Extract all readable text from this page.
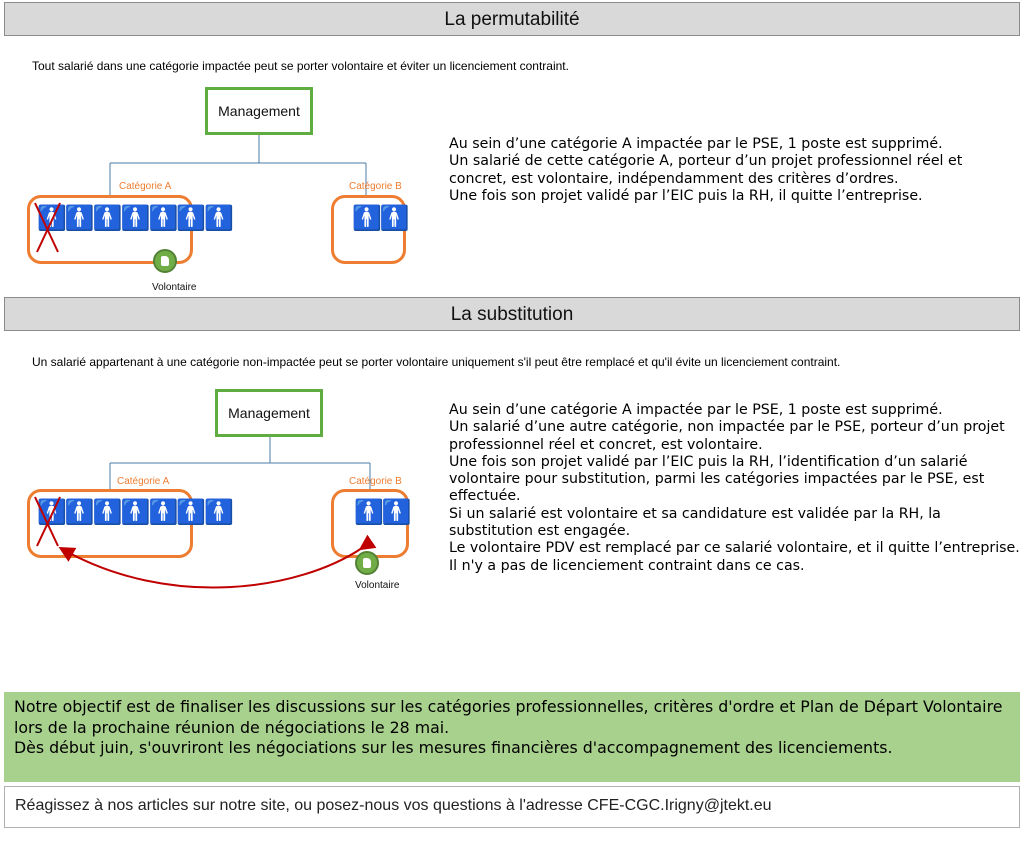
La permutabilité
Tout salarié dans une catégorie impactée peut se porter volontaire et éviter un licenciement contraint.
Management
Catégorie A
🚹🚹🚹🚹🚹🚹🚹
Volontaire
Catégorie B
🚹🚹

Au sein d’une catégorie A impactée par le PSE, 1 poste est supprimé.

Un salarié de cette catégorie A, porteur d’un projet professionnel réel et concret, est volontaire, indépendamment des critères d’ordres.

Une fois son projet validé par l’EIC puis la RH, il quitte l’entreprise.

La substitution
Un salarié appartenant à une catégorie non-impactée peut se porter volontaire uniquement s'il peut être remplacé et qu'il évite un licenciement contraint.
Management
Catégorie A
🚹🚹🚹🚹🚹🚹🚹
Catégorie B
🚹🚹
Volontaire

Au sein d’une catégorie A impactée par le PSE, 1 poste est supprimé.

Un salarié d’une autre catégorie, non impactée par le PSE, porteur d’un projet professionnel réel et concret, est volontaire.

Une fois son projet validé par l’EIC puis la RH, l’identification d’un salarié volontaire pour substitution, parmi les catégories impactées par le PSE, est effectuée.

Si un salarié est volontaire et sa candidature est validée par la RH, la substitution est engagée.

Le volontaire PDV est remplacé par ce salarié volontaire, et il quitte l’entreprise.

Il n'y a pas de licenciement contraint dans ce cas.

Notre objectif est de finaliser les discussions sur les catégories professionnelles, critères d'ordre et Plan de Départ Volontaire lors de la prochaine réunion de négociations le 28 mai.

Dès début juin, s'ouvriront les négociations sur les mesures financières d'accompagnement des licenciements.

Réagissez à nos articles sur notre site, ou posez-nous vos questions à l'adresse CFE-CGC.Irigny@jtekt.eu
